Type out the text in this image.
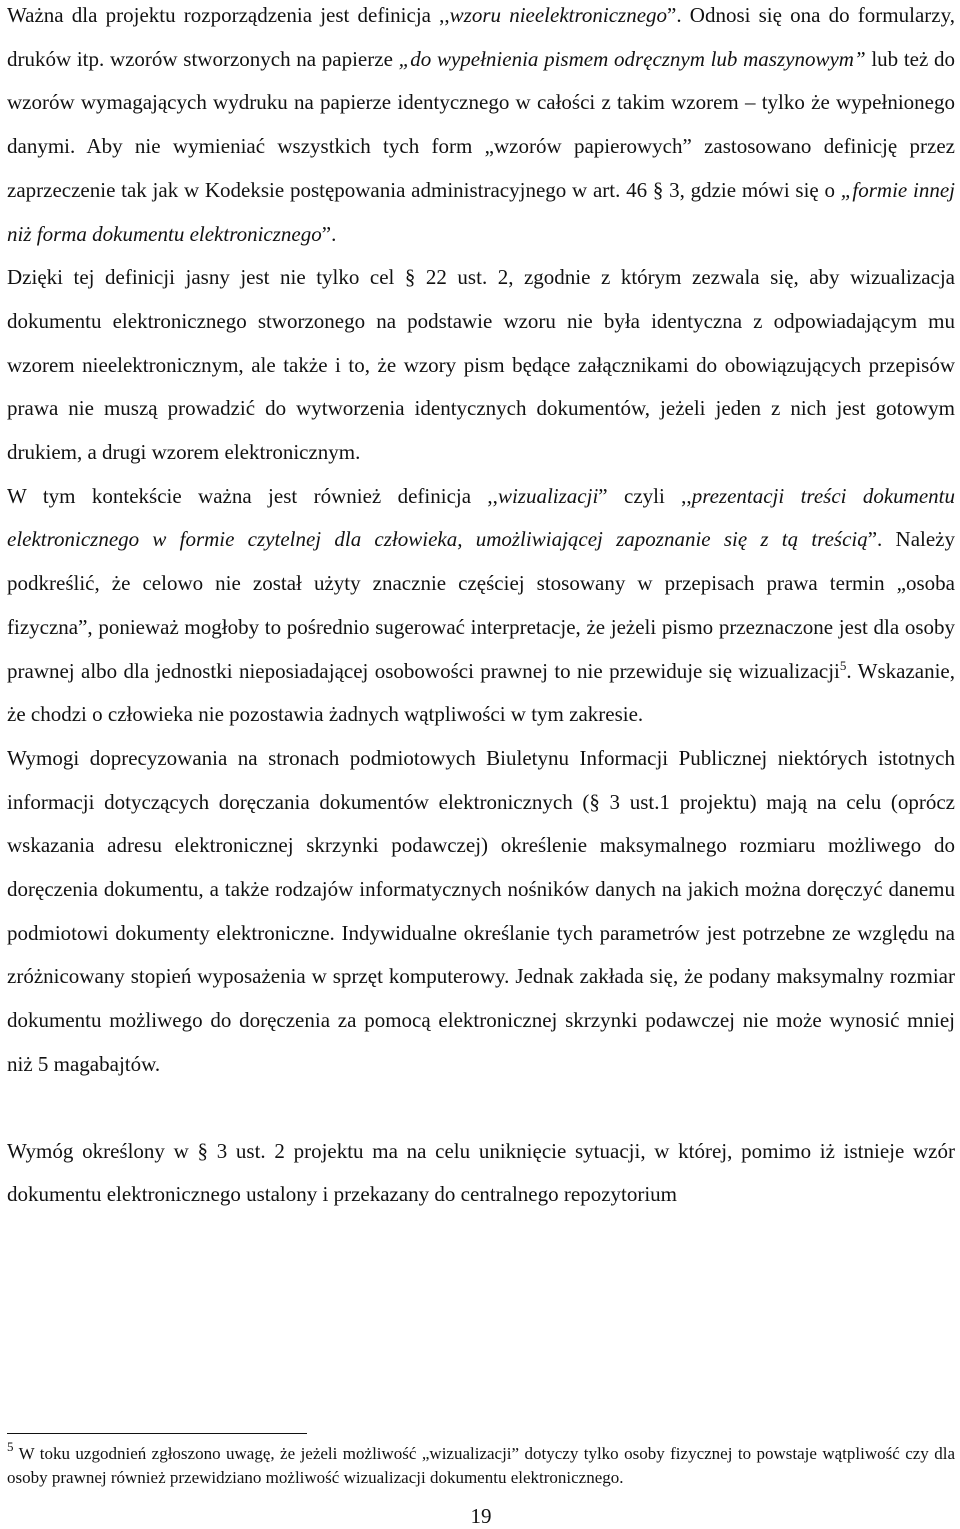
Ważna dla projektu rozporządzenia jest definicja ,,wzoru nieelektronicznego”. Odnosi się ona do formularzy, druków itp. wzorów stworzonych na papierze „do wypełnienia pismem odręcznym lub maszynowym” lub też do wzorów wymagających wydruku na papierze identycznego w całości z takim wzorem – tylko że wypełnionego danymi. Aby nie wymieniać wszystkich tych form „wzorów papierowych” zastosowano definicję przez zaprzeczenie tak jak w Kodeksie postępowania administracyjnego w art. 46 § 3, gdzie mówi się o „formie innej niż forma dokumentu elektronicznego”.

Dzięki tej definicji jasny jest nie tylko cel § 22 ust. 2, zgodnie z którym zezwala się, aby wizualizacja dokumentu elektronicznego stworzonego na podstawie wzoru nie była identyczna z odpowiadającym mu wzorem nieelektronicznym, ale także i to, że wzory pism będące załącznikami do obowiązujących przepisów prawa nie muszą prowadzić do wytworzenia identycznych dokumentów, jeżeli jeden z nich jest gotowym drukiem, a drugi wzorem elektronicznym.

W tym kontekście ważna jest również definicja ,,wizualizacji” czyli ,,prezentacji treści dokumentu elektronicznego w formie czytelnej dla człowieka, umożliwiającej zapoznanie się z tą treścią”. Należy podkreślić, że celowo nie został użyty znacznie częściej stosowany w przepisach prawa termin „osoba fizyczna”, ponieważ mogłoby to pośrednio sugerować interpretacje, że jeżeli pismo przeznaczone jest dla osoby prawnej albo dla jednostki nieposiadającej osobowości prawnej to nie przewiduje się wizualizacji$^5$. Wskazanie, że chodzi o człowieka nie pozostawia żadnych wątpliwości w tym zakresie.

Wymogi doprecyzowania na stronach podmiotowych Biuletynu Informacji Publicznej niektórych istotnych informacji dotyczących doręczania dokumentów elektronicznych (§ 3 ust.1 projektu) mają na celu (oprócz wskazania adresu elektronicznej skrzynki podawczej) określenie maksymalnego rozmiaru możliwego do doręczenia dokumentu, a także rodzajów informatycznych nośników danych na jakich można doręczyć danemu podmiotowi dokumenty elektroniczne. Indywidualne określanie tych parametrów jest potrzebne ze względu na zróżnicowany stopień wyposażenia w sprzęt komputerowy. Jednak zakłada się, że podany maksymalny rozmiar dokumentu możliwego do doręczenia za pomocą elektronicznej skrzynki podawczej nie może wynosić mniej niż 5 magabajtów.

Wymóg określony w § 3 ust. 2 projektu ma na celu uniknięcie sytuacji, w której, pomimo iż istnieje wzór dokumentu elektronicznego ustalony i przekazany do centralnego repozytorium

$^5$ W toku uzgodnień zgłoszono uwagę, że jeżeli możliwość „wizualizacji” dotyczy tylko osoby fizycznej to powstaje wątpliwość czy dla osoby prawnej również przewidziano możliwość wizualizacji dokumentu elektronicznego.

19
